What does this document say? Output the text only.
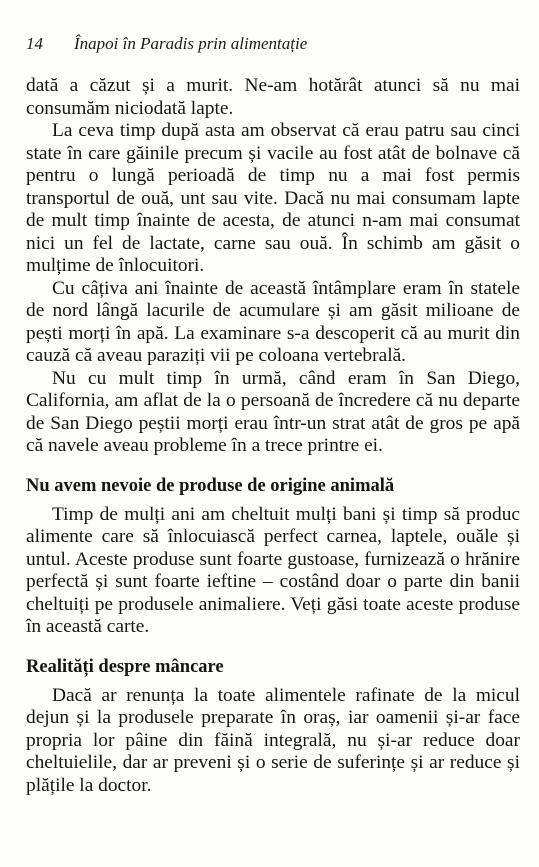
14 Înapoi în Paradis prin alimentație

dată a căzut și a murit. Ne-am hotărât atunci să nu mai consumăm niciodată lapte.

La ceva timp după asta am observat că erau patru sau cinci state în care găinile precum și vacile au fost atât de bolnave că pentru o lungă perioadă de timp nu a mai fost permis transportul de ouă, unt sau vite. Dacă nu mai consumam lapte de mult timp înainte de acesta, de atunci n-am mai consumat nici un fel de lactate, carne sau ouă. În schimb am găsit o mulțime de înlocuitori.

Cu câțiva ani înainte de această întâmplare eram în statele de nord lângă lacurile de acumulare și am găsit milioane de pești morți în apă. La examinare s-a descoperit că au murit din cauză că aveau paraziți vii pe coloana vertebrală.

Nu cu mult timp în urmă, când eram în San Diego, California, am aflat de la o persoană de încredere că nu departe de San Diego peștii morți erau într-un strat atât de gros pe apă că navele aveau probleme în a trece printre ei.

Nu avem nevoie de produse de origine animală

Timp de mulți ani am cheltuit mulți bani și timp să produc alimente care să înlocuiască perfect carnea, laptele, ouăle și untul. Aceste produse sunt foarte gustoase, furnizează o hrănire perfectă și sunt foarte ieftine – costând doar o parte din banii cheltuiți pe produsele animaliere. Veți găsi toate aceste produse în această carte.

Realități despre mâncare

Dacă ar renunța la toate alimentele rafinate de la micul dejun și la produsele preparate în oraș, iar oamenii și-ar face propria lor pâine din făină integrală, nu și-ar reduce doar cheltuielile, dar ar preveni și o serie de suferințe și ar reduce și plățile la doctor.
